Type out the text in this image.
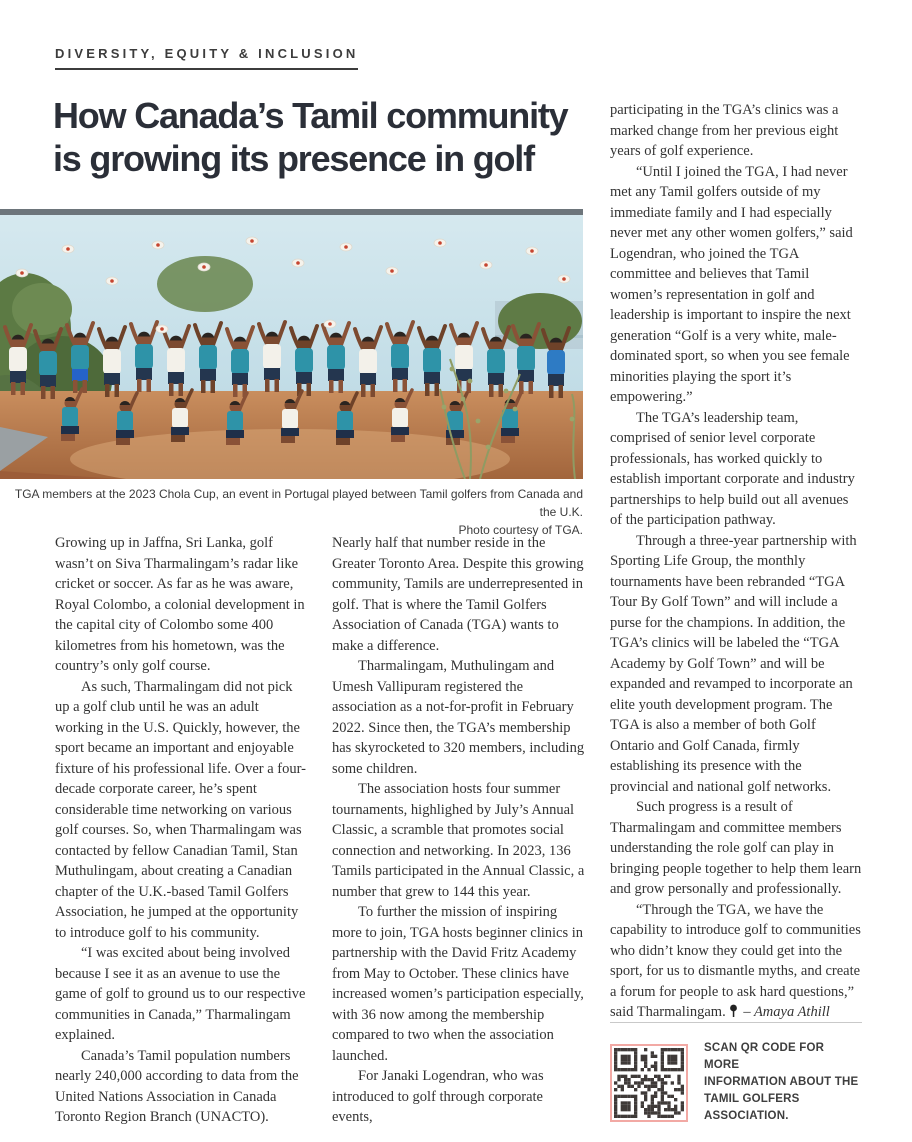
DIVERSITY, EQUITY & INCLUSION
How Canada’s Tamil community
is growing its presence in golf
TGA members at the 2023 Chola Cup, an event in Portugal played between Tamil golfers from Canada and the U.K.
Photo courtesy of TGA.

Growing up in Jaffna, Sri Lanka, golf wasn’t on Siva Tharmalingam’s radar like cricket or soccer. As far as he was aware, Royal Colombo, a colonial development in the capital city of Colombo some 400 kilometres from his hometown, was the country’s only golf course.

As such, Tharmalingam did not pick up a golf club until he was an adult working in the U.S. Quickly, however, the sport became an important and enjoyable fixture of his professional life. Over a four-decade corporate career, he’s spent considerable time networking on various golf courses. So, when Tharmalingam was contacted by fellow Canadian Tamil, Stan Muthulingam, about creating a Canadian chapter of the U.K.-based Tamil Golfers Association, he jumped at the opportunity to introduce golf to his community.

“I was excited about being involved because I see it as an avenue to use the game of golf to ground us to our respective communities in Canada,” Tharmalingam explained.

Canada’s Tamil population numbers nearly 240,000 according to data from the United Nations Association in Canada Toronto Region Branch (UNACTO).

Nearly half that number reside in the Greater Toronto Area. Despite this growing community, Tamils are underrepresented in golf. That is where the Tamil Golfers Association of Canada (TGA) wants to make a difference.

Tharmalingam, Muthulingam and Umesh Vallipuram registered the association as a not-for-profit in February 2022. Since then, the TGA’s membership has skyrocketed to 320 members, including some children.

The association hosts four summer tournaments, highlighed by July’s Annual Classic, a scramble that promotes social connection and networking. In 2023, 136 Tamils participated in the Annual Classic, a number that grew to 144 this year.

To further the mission of inspiring more to join, TGA hosts beginner clinics in partnership with the David Fritz Academy from May to October. These clinics have increased women’s participation especially, with 36 now among the membership compared to two when the association launched.

For Janaki Logendran, who was introduced to golf through corporate events,

participating in the TGA’s clinics was a marked change from her previous eight years of golf experience.

“Until I joined the TGA, I had never met any Tamil golfers outside of my immediate family and I had especially never met any other women golfers,” said Logendran, who joined the TGA committee and believes that Tamil women’s representation in golf and leadership is important to inspire the next generation “Golf is a very white, male-dominated sport, so when you see female minorities playing the sport it’s empowering.”

The TGA’s leadership team, comprised of senior level corporate professionals, has worked quickly to establish important corporate and industry partnerships to help build out all avenues of the participation pathway.

Through a three-year partnership with Sporting Life Group, the monthly tournaments have been rebranded “TGA Tour By Golf Town” and will include a purse for the champions. In addition, the TGA’s clinics will be labeled the “TGA Academy by Golf Town” and will be expanded and revamped to incorporate an elite youth development program. The TGA is also a member of both Golf Ontario and Golf Canada, firmly establishing its presence with the provincial and national golf networks.

Such progress is a result of Tharmalingam and committee members understanding the role golf can play in bringing people together to help them learn and grow personally and professionally.

“Through the TGA, we have the capability to introduce golf to communities who didn’t know they could get into the sport, for us to dismantle myths, and create a forum for people to ask hard questions,” said Tharmalingam. – Amaya Athill

SCAN QR CODE FOR MORE
INFORMATION ABOUT THE
TAMIL GOLFERS ASSOCIATION.
